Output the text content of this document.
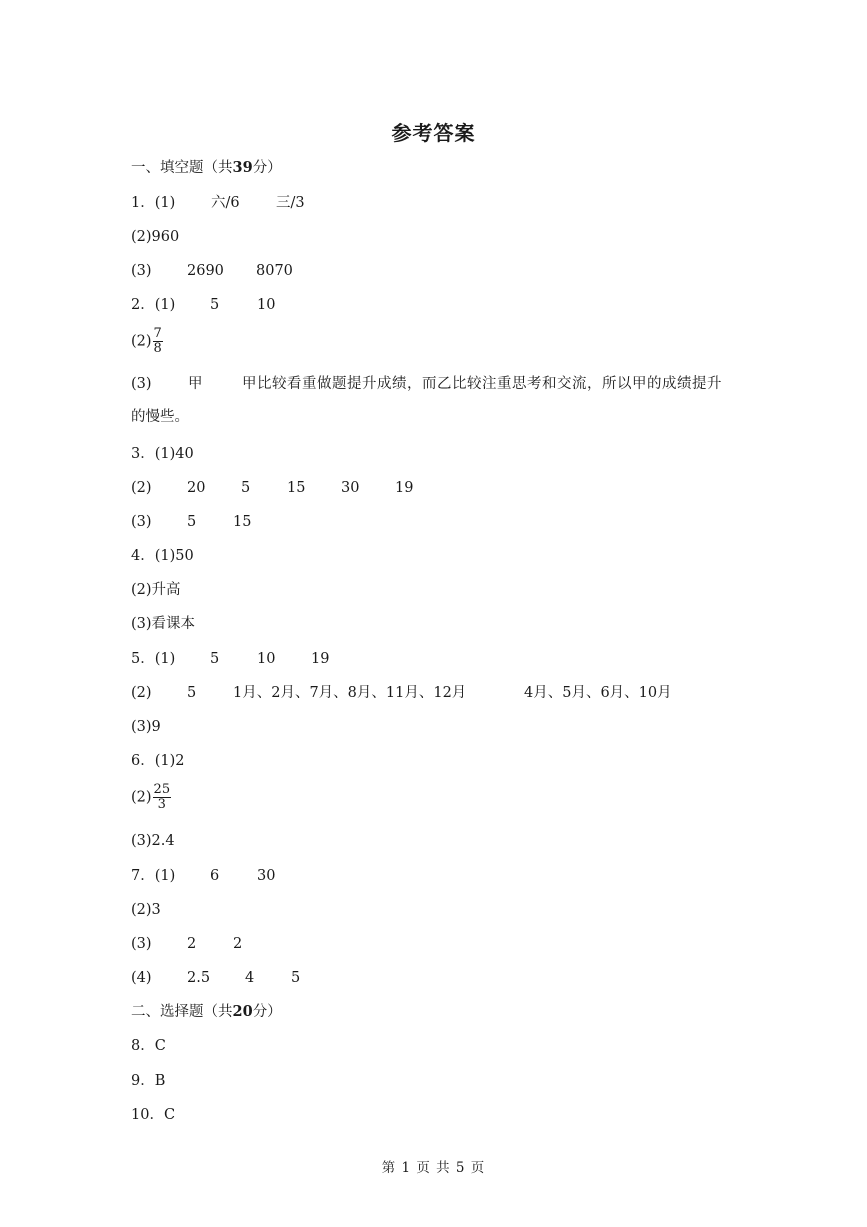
参考答案
一、填空题（共39分）
1．(1) 六/6	三/3
(2)960
(3) 2690 8070
2．(1) 5	10
$(2) \frac{7}{8}$
(3)	甲	甲比较看重做题提升成绩，而乙比较注重思考和交流，所以甲的成绩提升
的慢些。
3．(1)40
(2) 20 5	15 30 19
(3) 5	15
4．(1)50
(2)升高
(3)看课本
5．(1) 5	10 19
(2) 5	1月、2月、7月、8月、11月、12月	4月、5月、6月、10月
(3)9
6．(1)2
$(2) \frac{25}{3}$
(3)2.4
7．(1) 6	30
(2)3
(3) 2	2
(4) 2.5 4	5
二、选择题（共20分）
8．C
9．B
10．C
第 1 页 共 5 页
